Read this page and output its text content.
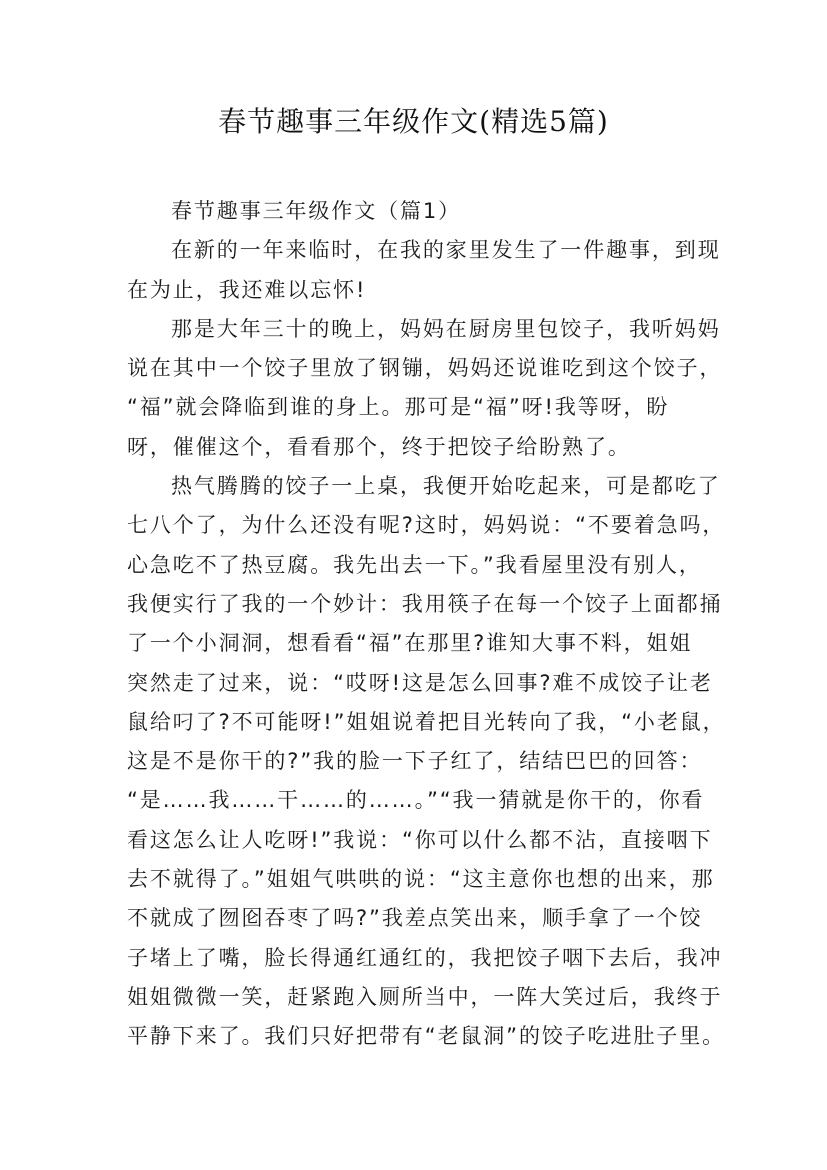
春节趣事三年级作文(精选5篇)
春节趣事三年级作文（篇1）
在新的一年来临时，在我的家里发生了一件趣事，到现
在为止，我还难以忘怀!
那是大年三十的晚上，妈妈在厨房里包饺子，我听妈妈
说在其中一个饺子里放了钢镚，妈妈还说谁吃到这个饺子，
“福”就会降临到谁的身上。那可是“福”呀!我等呀，盼
呀，催催这个，看看那个，终于把饺子给盼熟了。
热气腾腾的饺子一上桌，我便开始吃起来，可是都吃了
七八个了，为什么还没有呢?这时，妈妈说：“不要着急吗，
心急吃不了热豆腐。我先出去一下。”我看屋里没有别人，
我便实行了我的一个妙计：我用筷子在每一个饺子上面都捅
了一个小洞洞，想看看“福”在那里?谁知大事不料，姐姐
突然走了过来，说：“哎呀!这是怎么回事?难不成饺子让老
鼠给叼了?不可能呀!”姐姐说着把目光转向了我，“小老鼠，
这是不是你干的?”我的脸一下子红了，结结巴巴的回答：
“是……我……干……的……。”“我一猜就是你干的，你看
看这怎么让人吃呀!”我说：“你可以什么都不沾，直接咽下
去不就得了。”姐姐气哄哄的说：“这主意你也想的出来，那
不就成了囫囵吞枣了吗?”我差点笑出来，顺手拿了一个饺
子堵上了嘴，脸长得通红通红的，我把饺子咽下去后，我冲
姐姐微微一笑，赶紧跑入厕所当中，一阵大笑过后，我终于
平静下来了。我们只好把带有“老鼠洞”的饺子吃进肚子里。
